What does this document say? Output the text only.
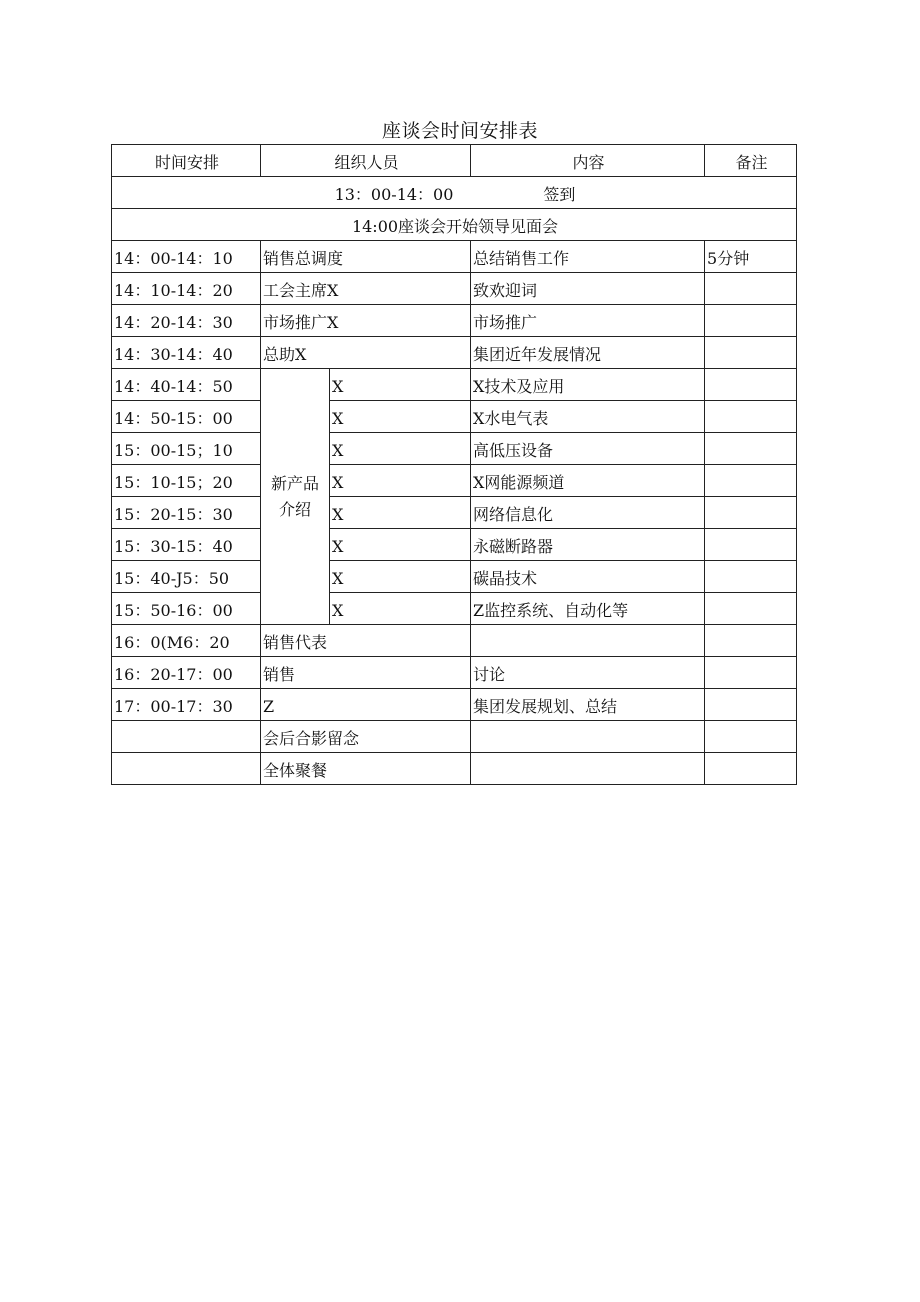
座谈会时间安排表
时间安排	组织人员		内容	备注
13：00-14：00 签到				
14:00座谈会开始领导见面会				
14：00-14：10	销售总调度		总结销售工作	5分钟
14：10-14：20	工会主席X		致欢迎词	
14：20-14：30	市场推广X		市场推广	
14：30-14：40	总助X		集团近年发展情况	
14：40-14：50	新产品介绍	X	X技术及应用	
14：50-15：00		X	X水电气表	
15：00-15；10		X	高低压设备	
15：10-15；20		X	X网能源频道	
15：20-15：30		X	网络信息化	
15：30-15：40		X	永磁断路器	
15：40-J5：50		X	碳晶技术	
15：50-16：00		X	Z监控系统、自动化等	
16：0(M6：20	销售代表			
16：20-17：00	销售		讨论	
17：00-17：30	Z		集团发展规划、总结	
	会后合影留念			
	全体聚餐			
